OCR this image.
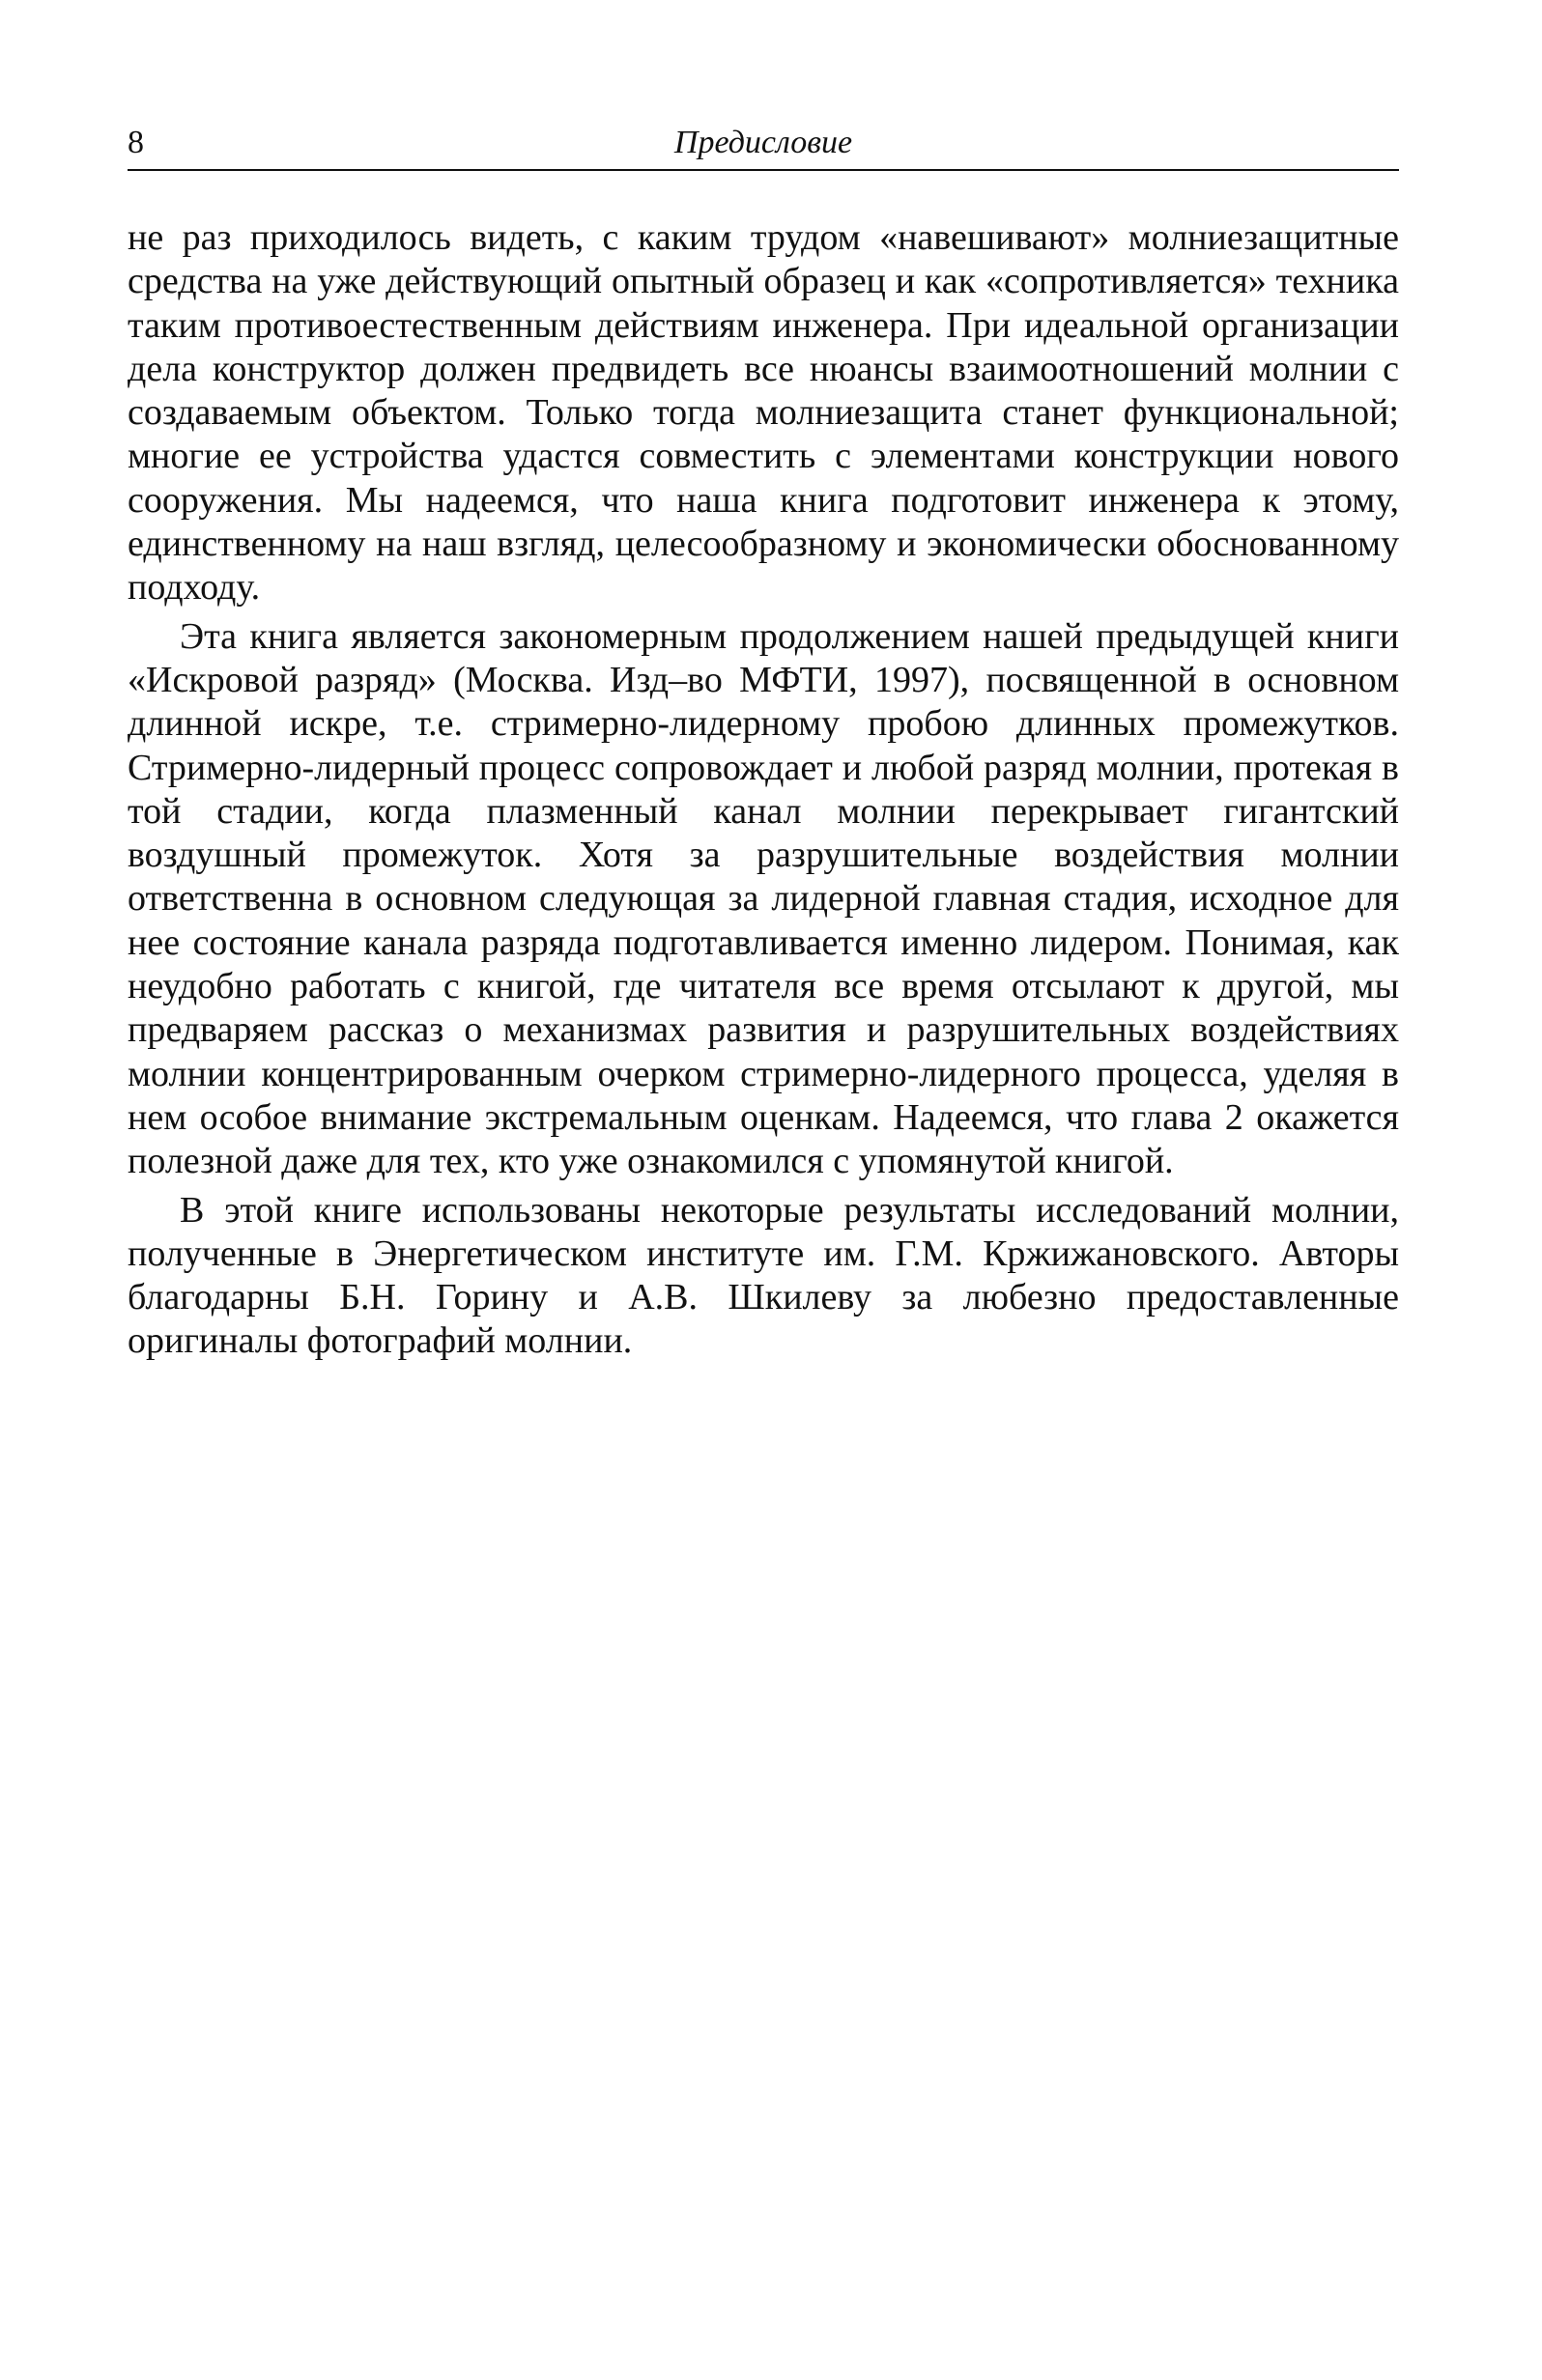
8	Предисловие

не раз приходилось видеть, с каким трудом «навешивают» молниезащитные средства на уже действующий опытный образец и как «сопротивляется» техника таким противоестественным действиям инженера. При идеальной организации дела конструктор должен предвидеть все нюансы взаимоотношений молнии с создаваемым объектом. Только тогда молниезащита станет функциональной; многие ее устройства удастся совместить с элементами конструкции нового сооружения. Мы надеемся, что наша книга подготовит инженера к этому, единственному на наш взгляд, целесообразному и экономически обоснованному подходу.

Эта книга является закономерным продолжением нашей предыдущей книги «Искровой разряд» (Москва. Изд–во МФТИ, 1997), посвященной в основном длинной искре, т.е. стримерно-лидерному пробою длинных промежутков. Стримерно-лидерный процесс сопровождает и любой разряд молнии, протекая в той стадии, когда плазменный канал молнии перекрывает гигантский воздушный промежуток. Хотя за разрушительные воздействия молнии ответственна в основном следующая за лидерной главная стадия, исходное для нее состояние канала разряда подготавливается именно лидером. Понимая, как неудобно работать с книгой, где читателя все время отсылают к другой, мы предваряем рассказ о механизмах развития и разрушительных воздействиях молнии концентрированным очерком стримерно-лидерного процесса, уделяя в нем особое внимание экстремальным оценкам. Надеемся, что глава 2 окажется полезной даже для тех, кто уже ознакомился с упомянутой книгой.

В этой книге использованы некоторые результаты исследований молнии, полученные в Энергетическом институте им. Г.М. Кржижановского. Авторы благодарны Б.Н. Горину и А.В. Шкилеву за любезно предоставленные оригиналы фотографий молнии.
